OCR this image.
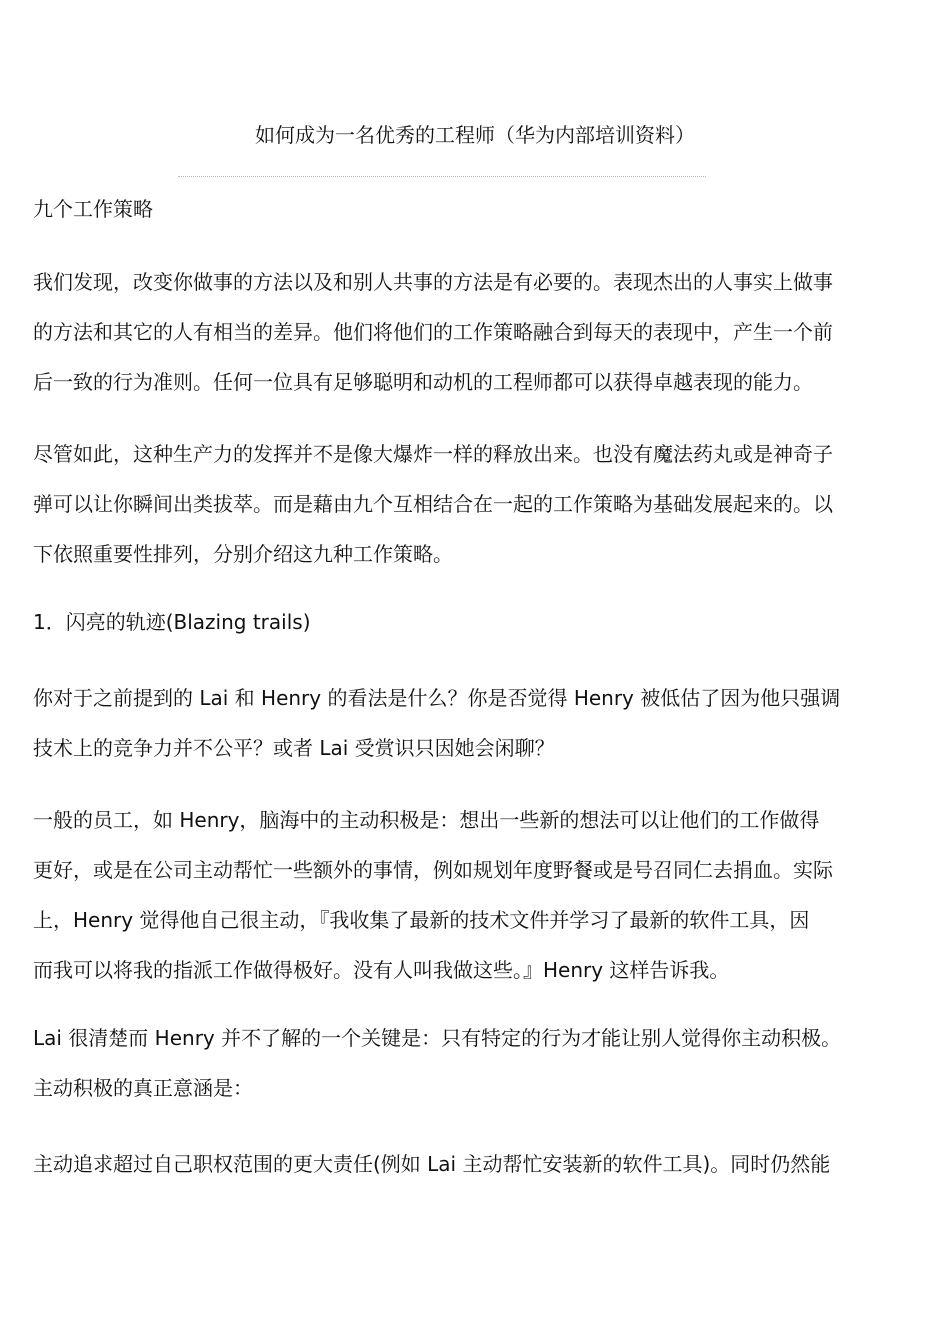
如何成为一名优秀的工程师（华为内部培训资料）

九个工作策略

我们发现，改变你做事的方法以及和别人共事的方法是有必要的。表现杰出的人事实上做事
的方法和其它的人有相当的差异。他们将他们的工作策略融合到每天的表现中，产生一个前
后一致的行为准则。任何一位具有足够聪明和动机的工程师都可以获得卓越表现的能力。

尽管如此，这种生产力的发挥并不是像大爆炸一样的释放出来。也没有魔法药丸或是神奇子
弹可以让你瞬间出类拔萃。而是藉由九个互相结合在一起的工作策略为基础发展起来的。以
下依照重要性排列，分别介绍这九种工作策略。

1．闪亮的轨迹(Blazing trails)

你对于之前提到的 Lai 和 Henry 的看法是什么？你是否觉得 Henry 被低估了因为他只强调
技术上的竞争力并不公平？或者 Lai 受赏识只因她会闲聊？

一般的员工，如 Henry，脑海中的主动积极是：想出一些新的想法可以让他们的工作做得
更好，或是在公司主动帮忙一些额外的事情，例如规划年度野餐或是号召同仁去捐血。实际
上，Henry 觉得他自己很主动，『我收集了最新的技术文件并学习了最新的软件工具，因
而我可以将我的指派工作做得极好。没有人叫我做这些。』Henry 这样告诉我。

Lai 很清楚而 Henry 并不了解的一个关键是：只有特定的行为才能让别人觉得你主动积极。
主动积极的真正意涵是：

主动追求超过自己职权范围的更大责任(例如 Lai 主动帮忙安装新的软件工具)。同时仍然能
